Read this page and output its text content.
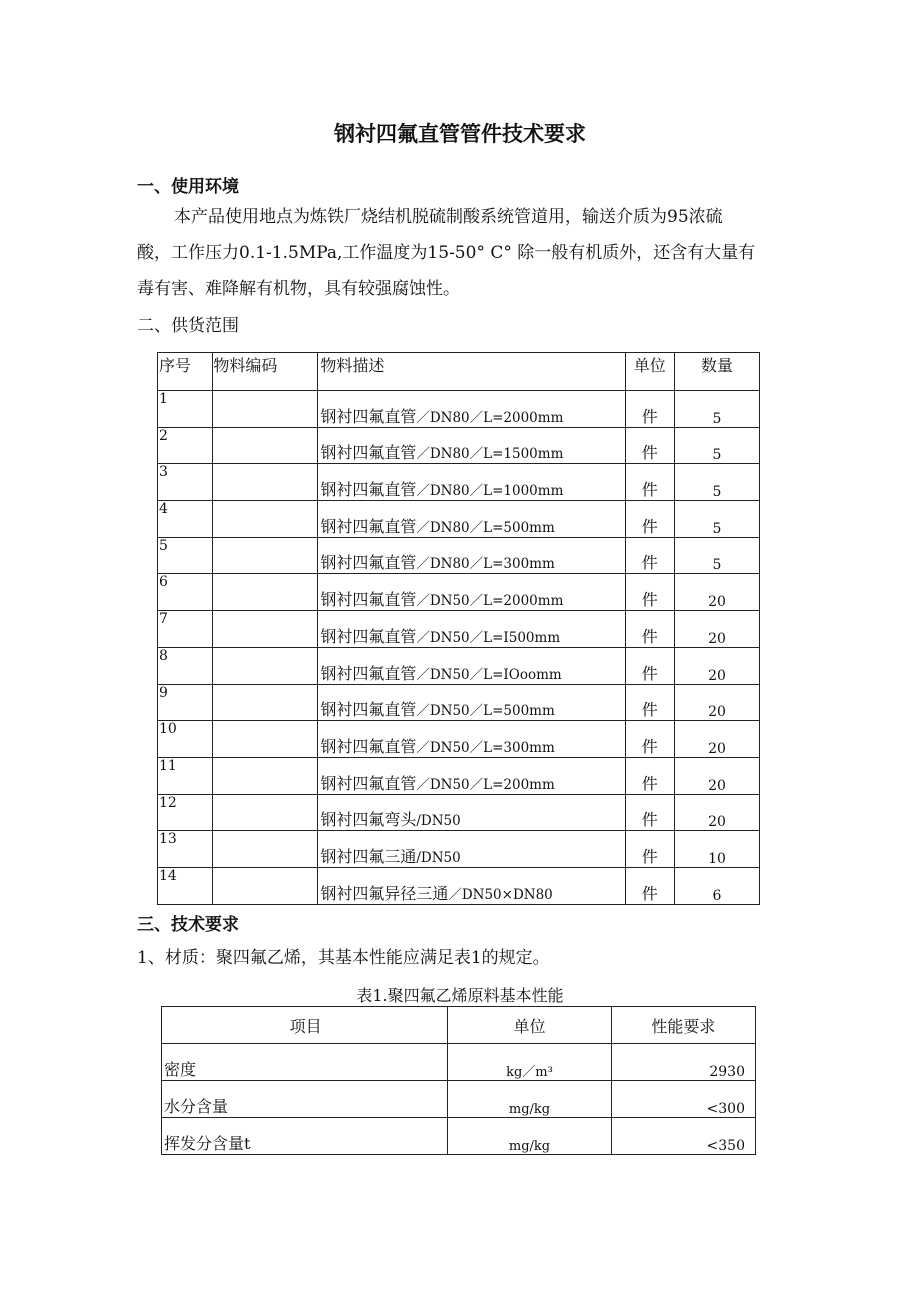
钢衬四氟直管管件技术要求
一、使用环境
本产品使用地点为炼铁厂烧结机脱硫制酸系统管道用，输送介质为95浓硫
酸，工作压力0.1-1.5MPa,工作温度为15-50° C° 除一般有机质外，还含有大量有
毒有害、难降解有机物，具有较强腐蚀性。
二、供货范围
序号	物料编码	物料描述	单位	数量
1		钢衬四氟直管／DN80／L=2000mm	件	5
2		钢衬四氟直管／DN80／L=1500mm	件	5
3		钢衬四氟直管／DN80／L=1000mm	件	5
4		钢衬四氟直管／DN80／L=500mm	件	5
5		钢衬四氟直管／DN80／L=300mm	件	5
6		钢衬四氟直管／DN50／L=2000mm	件	20
7		钢衬四氟直管／DN50／L=I500mm	件	20
8		钢衬四氟直管／DN50／L=IOoomm	件	20
9		钢衬四氟直管／DN50／L=500mm	件	20
10		钢衬四氟直管／DN50／L=300mm	件	20
11		钢衬四氟直管／DN50／L=200mm	件	20
12		钢衬四氟弯头/DN50	件	20
13		钢衬四氟三通/DN50	件	10
14		钢衬四氟异径三通／DN50×DN80	件	6
三、技术要求
1、材质：聚四氟乙烯，其基本性能应满足表1的规定。
表1.聚四氟乙烯原料基本性能
项目	单位	性能要求
密度	kg／m³	2930
水分含量	mg/kg	<300
挥发分含量t	mg/kg	<350
